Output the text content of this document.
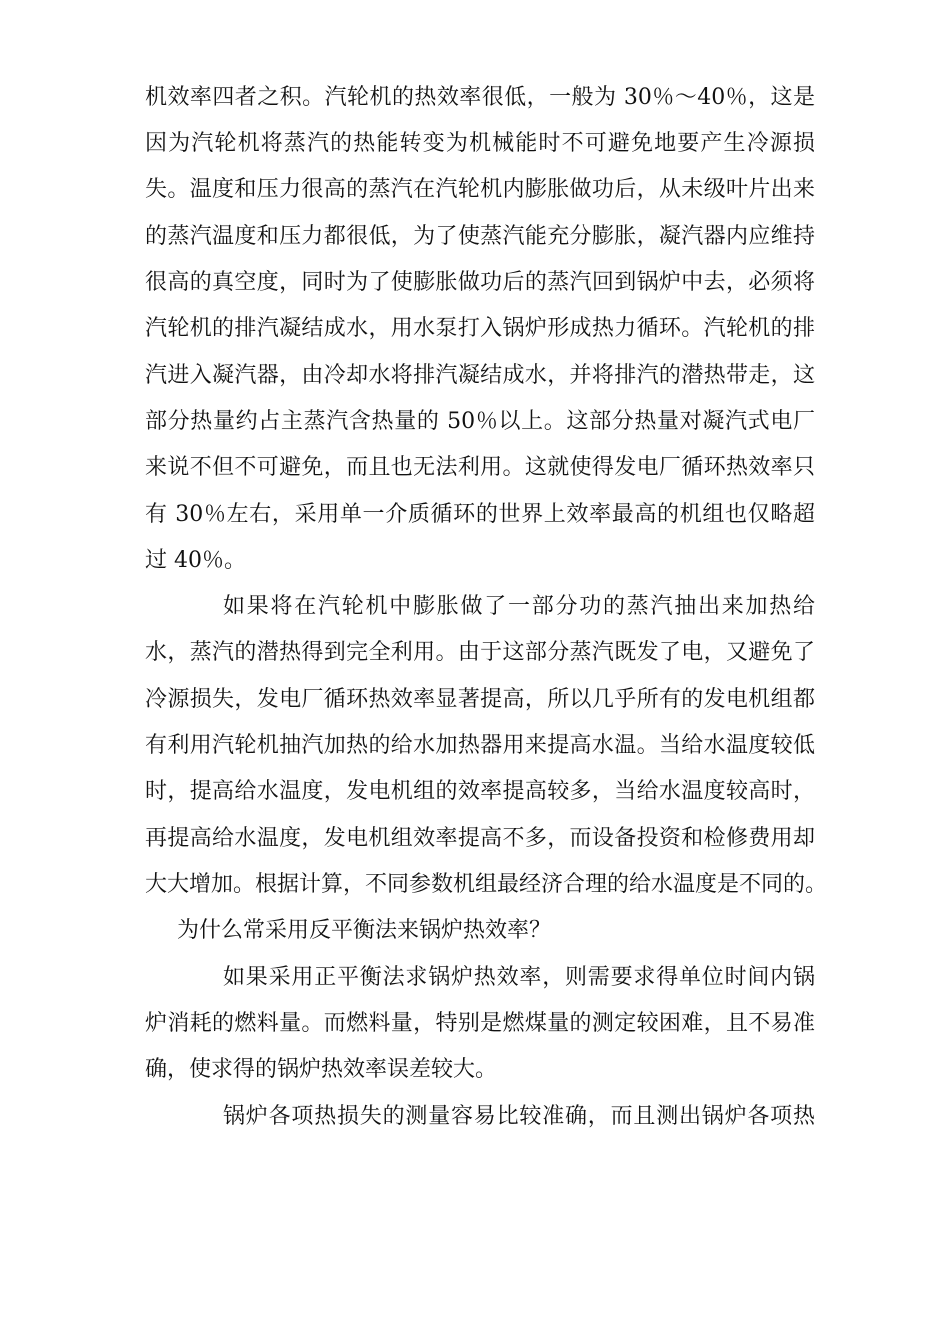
机效率四者之积。汽轮机的热效率很低，一般为 30％～40％，这是
因为汽轮机将蒸汽的热能转变为机械能时不可避免地要产生冷源损
失。温度和压力很高的蒸汽在汽轮机内膨胀做功后，从未级叶片出来
的蒸汽温度和压力都很低，为了使蒸汽能充分膨胀，凝汽器内应维持
很高的真空度，同时为了使膨胀做功后的蒸汽回到锅炉中去，必须将
汽轮机的排汽凝结成水，用水泵打入锅炉形成热力循环。汽轮机的排
汽进入凝汽器，由冷却水将排汽凝结成水，并将排汽的潜热带走，这
部分热量约占主蒸汽含热量的 50％以上。这部分热量对凝汽式电厂
来说不但不可避免，而且也无法利用。这就使得发电厂循环热效率只
有 30％左右，采用单一介质循环的世界上效率最高的机组也仅略超
过 40％。
如果将在汽轮机中膨胀做了一部分功的蒸汽抽出来加热给
水，蒸汽的潜热得到完全利用。由于这部分蒸汽既发了电，又避免了
冷源损失，发电厂循环热效率显著提高，所以几乎所有的发电机组都
有利用汽轮机抽汽加热的给水加热器用来提高水温。当给水温度较低
时，提高给水温度，发电机组的效率提高较多，当给水温度较高时，
再提高给水温度，发电机组效率提高不多，而设备投资和检修费用却
大大增加。根据计算，不同参数机组最经济合理的给水温度是不同的。
为什么常采用反平衡法来锅炉热效率？
如果采用正平衡法求锅炉热效率，则需要求得单位时间内锅
炉消耗的燃料量。而燃料量，特别是燃煤量的测定较困难，且不易准
确，使求得的锅炉热效率误差较大。
锅炉各项热损失的测量容易比较准确，而且测出锅炉各项热
